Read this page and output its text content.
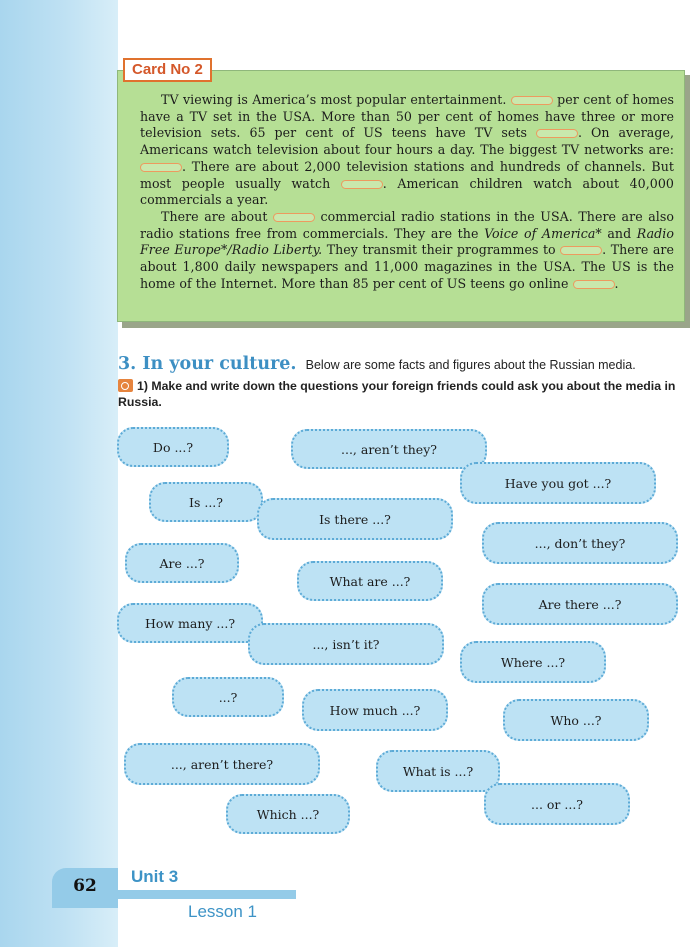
Card No 2

TV viewing is America’s most popular entertainment.	per cent of homes have a TV set in the USA. More than 50 per cent of homes have three or more television sets. 65 per cent of US teens have TV sets	. On average, Americans watch television about four hours a day. The biggest TV networks are: . There are about 2,000 television stations and hundreds of channels. But most people usually watch	. American children watch about 40,000 commercials a year.

There are about	commercial radio stations in the USA. There are also radio stations free from commercials. They are the Voice of America* and Radio Free Europe*/Radio Liberty. They transmit their programmes to	. There are about 1,800 daily newspapers and 11,000 magazines in the USA. The US is the home of the Internet. More than 85 per cent of US teens go online	.

3. In your culture. Below are some facts and figures about the Russian media.
1) Make and write down the questions your foreign friends could ask you about the media in Russia.
Do ...?	..., aren’t they?
Have you got ...?
Is ...?
Is there ...?
..., don’t they?
Are ...?
What are ...?
Are there ...?
How many ...?
..., isn’t it?
Where ...?
...?
How much ...?
Who ...?
..., aren’t there?	What is ...?
... or ...?
Which ...?
62	Unit 3
Lesson 1
